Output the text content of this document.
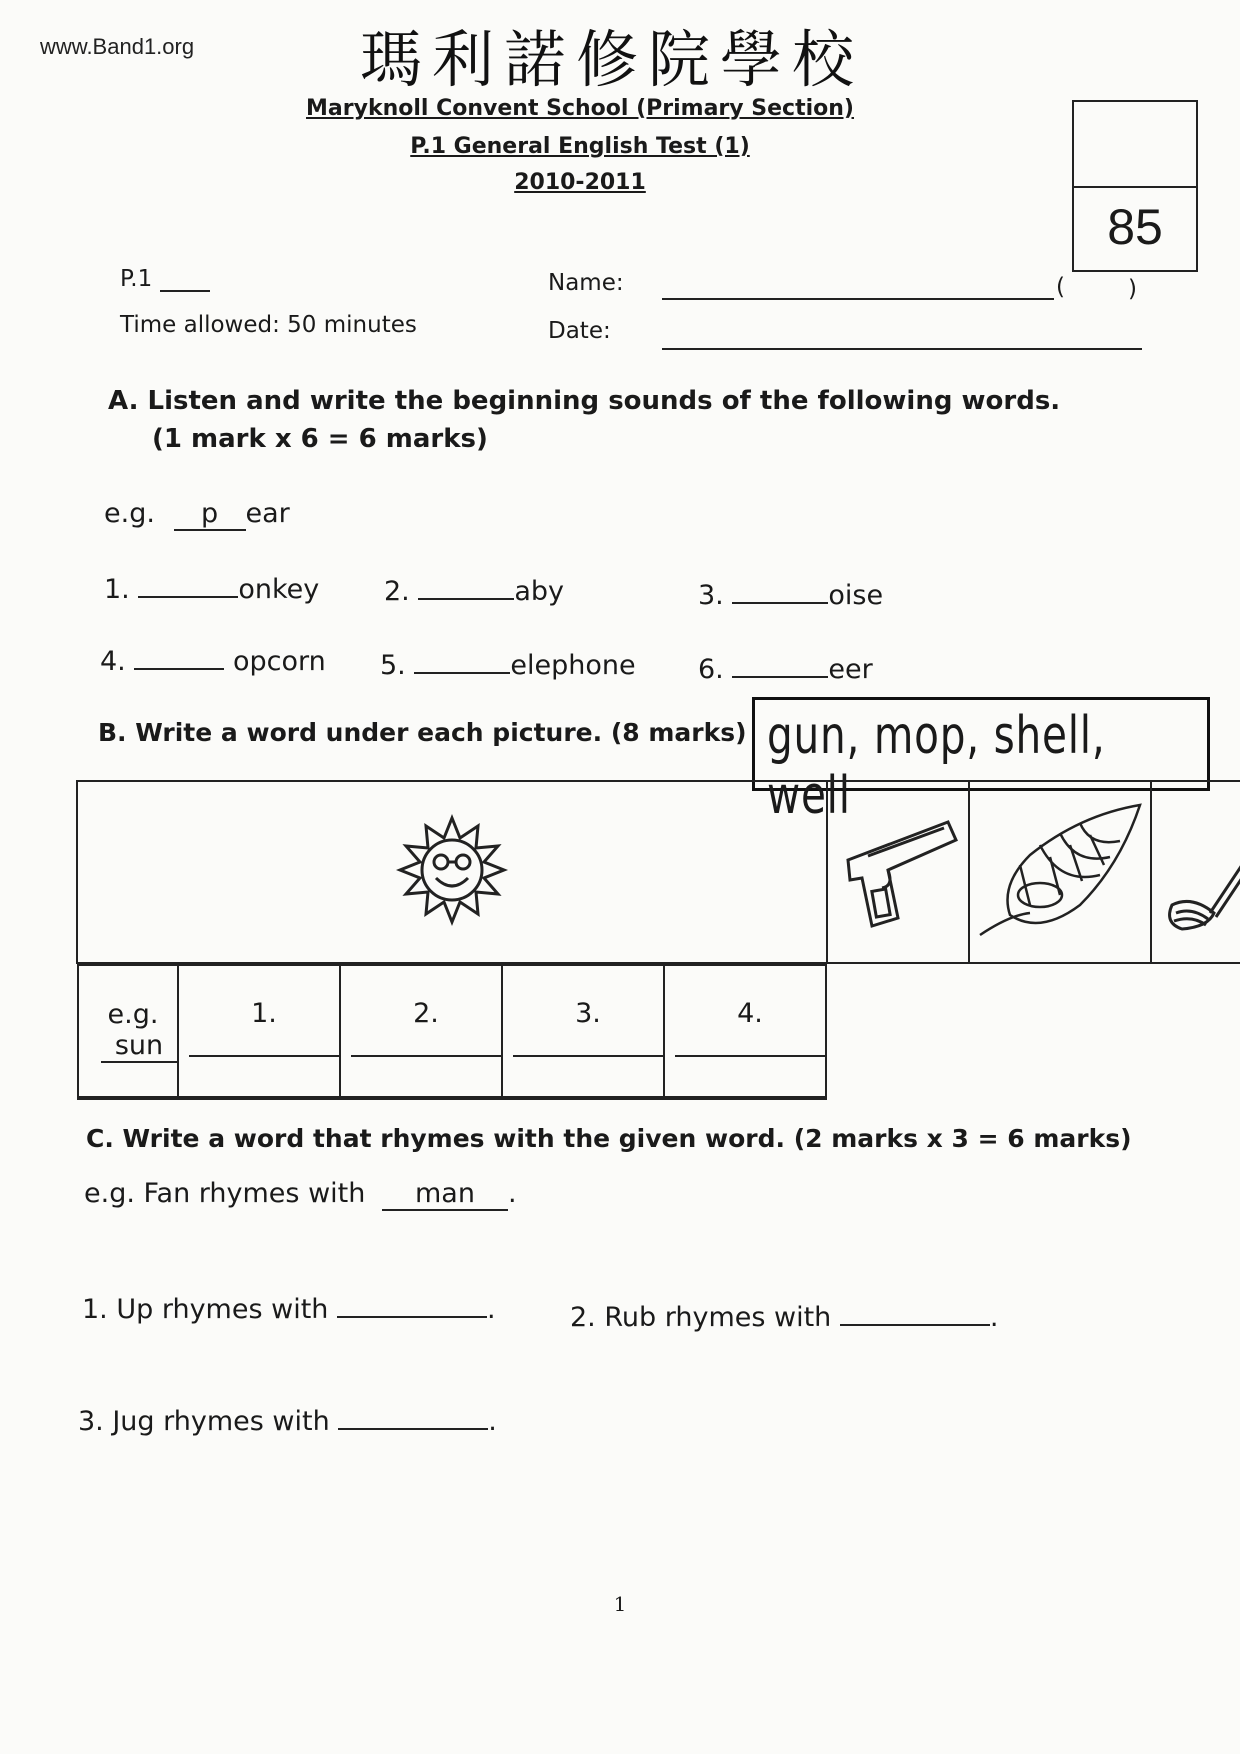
www.Band1.org	瑪利諾修院學校
Maryknoll Convent School (Primary Section)
P.1 General English Test (1)
2010-2011
85
P.1
Time allowed: 50 minutes
Name:	(	)
Date:
A. Listen and write the beginning sounds of the following words.
(1 mark x 6 = 6 marks)
e.g. p ear
1.	onkey 2.	aby	3.	oise
4.	opcorn 5.	elephone 6.	eer
B. Write a word under each picture. (8 marks) gun, mop, shell, well

e.g. sun	1.	2.	3.	4.
C. Write a word that rhymes with the given word. (2 marks x 3 = 6 marks)
e.g. Fan rhymes with man .
1. Up rhymes with	.	2. Rub rhymes with	.
3. Jug rhymes with	.
1
